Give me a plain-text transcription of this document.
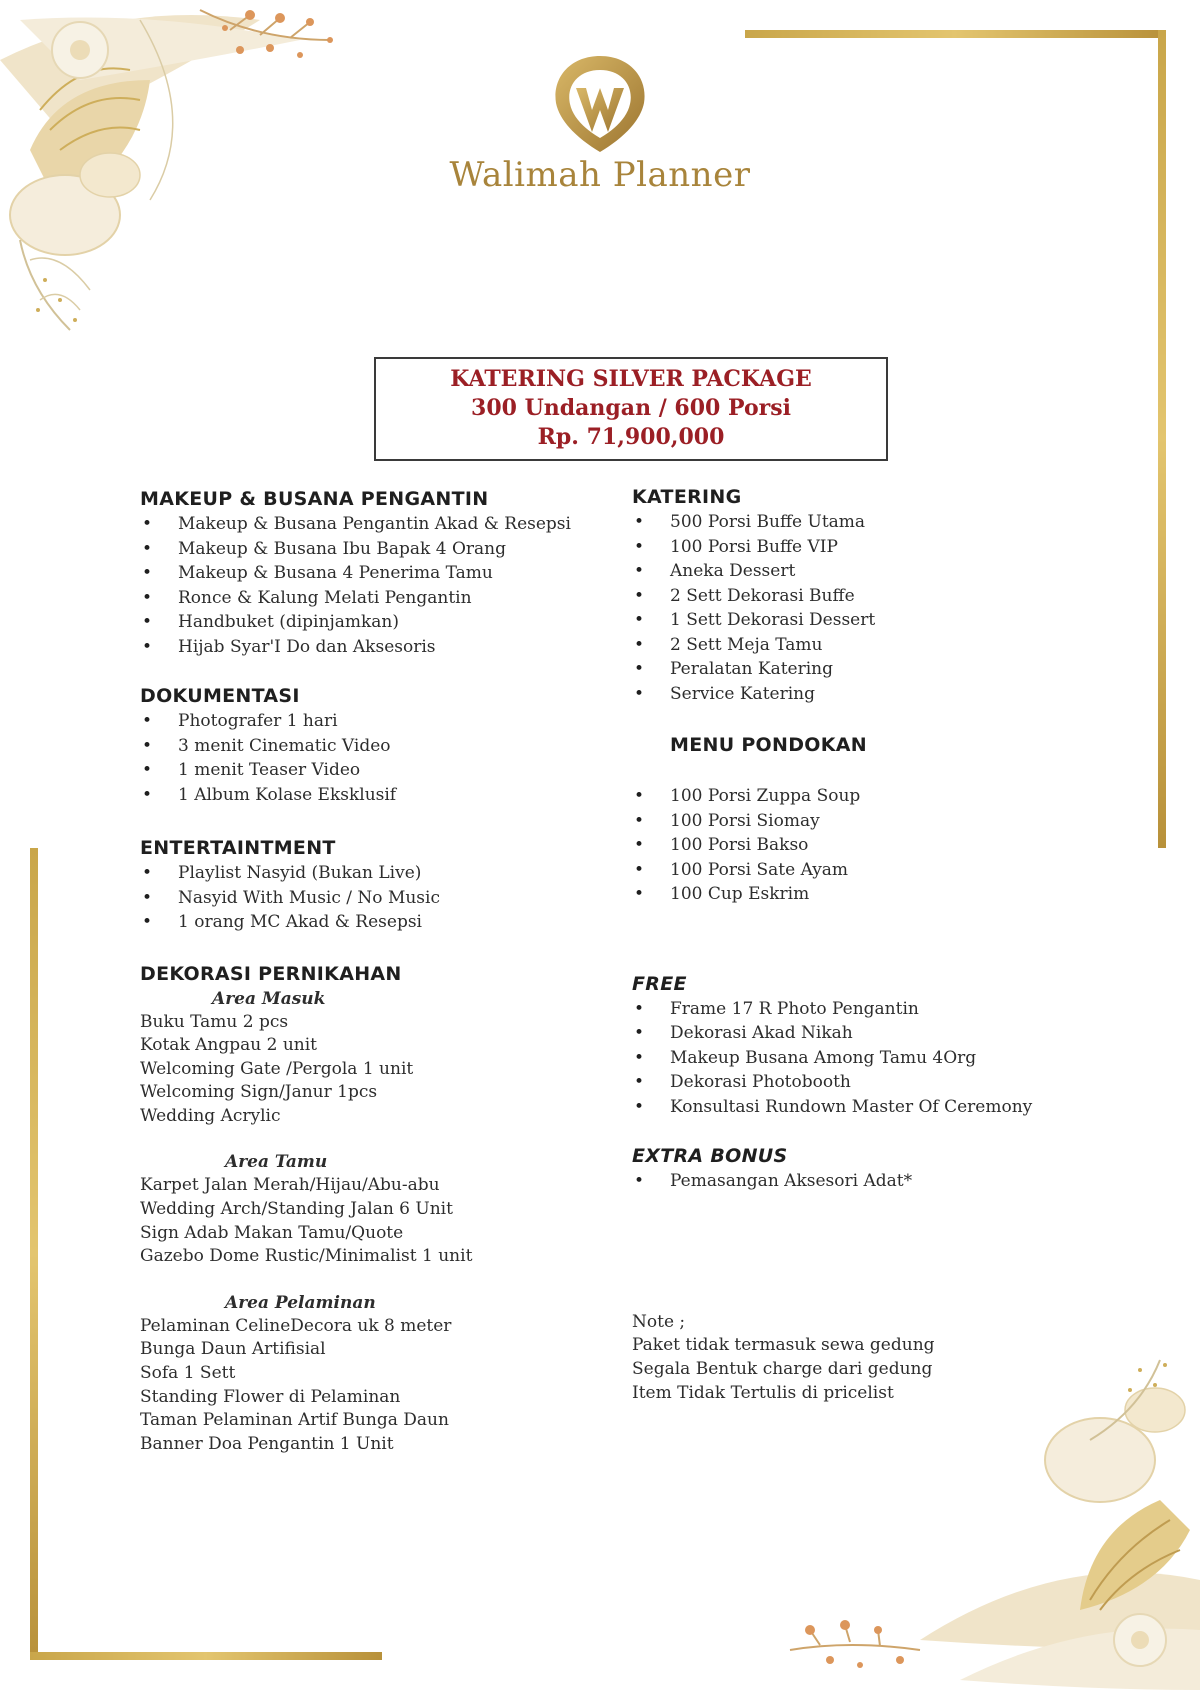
Walimah Planner
KATERING SILVER PACKAGE
300 Undangan / 600 Porsi
Rp. 71,900,000
MAKEUP & BUSANA PENGANTIN
• Makeup & Busana Pengantin Akad & Resepsi
• Makeup & Busana Ibu Bapak 4 Orang
• Makeup & Busana 4 Penerima Tamu
• Ronce & Kalung Melati Pengantin
• Handbuket (dipinjamkan)
• Hijab Syar'I Do dan Aksesoris
DOKUMENTASI
• Photografer 1 hari
• 3 menit Cinematic Video
• 1 menit Teaser Video
• 1 Album Kolase Eksklusif
ENTERTAINTMENT
• Playlist Nasyid (Bukan Live)
• Nasyid With Music / No Music
• 1 orang MC Akad & Resepsi
DEKORASI PERNIKAHAN
Area Masuk
Buku Tamu 2 pcs
Kotak Angpau 2 unit
Welcoming Gate /Pergola 1 unit
Welcoming Sign/Janur 1pcs
Wedding Acrylic
Area Tamu
Karpet Jalan Merah/Hijau/Abu-abu
Wedding Arch/Standing Jalan 6 Unit
Sign Adab Makan Tamu/Quote
Gazebo Dome Rustic/Minimalist 1 unit
Area Pelaminan
Pelaminan CelineDecora uk 8 meter
Bunga Daun Artifisial
Sofa 1 Sett
Standing Flower di Pelaminan
Taman Pelaminan Artif Bunga Daun
Banner Doa Pengantin 1 Unit
KATERING
• 500 Porsi Buffe Utama
• 100 Porsi Buffe VIP
• Aneka Dessert
• 2 Sett Dekorasi Buffe
• 1 Sett Dekorasi Dessert
• 2 Sett Meja Tamu
• Peralatan Katering
• Service Katering
MENU PONDOKAN
• 100 Porsi Zuppa Soup
• 100 Porsi Siomay
• 100 Porsi Bakso
• 100 Porsi Sate Ayam
• 100 Cup Eskrim
FREE
• Frame 17 R Photo Pengantin
• Dekorasi Akad Nikah
• Makeup Busana Among Tamu 4Org
• Dekorasi Photobooth
• Konsultasi Rundown Master Of Ceremony
EXTRA BONUS
• Pemasangan Aksesori Adat*
Note ;
Paket tidak termasuk sewa gedung
Segala Bentuk charge dari gedung
Item Tidak Tertulis di pricelist
